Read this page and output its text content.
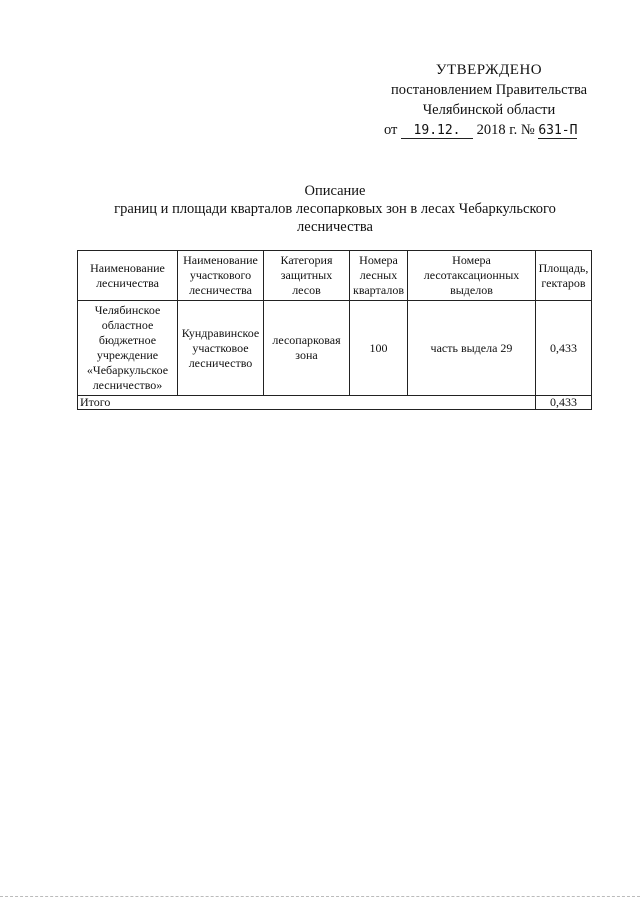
УТВЕРЖДЕНО
постановлением Правительства
Челябинской области
от 19.12. 2018 г. № 631-П
Описание
границ и площади кварталов лесопарковых зон в лесах Чебаркульского лесничества
Наименование лесничества	Наименование участкового лесничества	Категория защитных лесов	Номера лесных кварталов	Номера лесотаксационных выделов	Площадь, гектаров
Челябинское областное бюджетное учреждение «Чебаркульское лесничество»	Кундравинское участковое лесничество	лесопарковая зона	100	часть выдела 29	0,433
Итого					0,433
